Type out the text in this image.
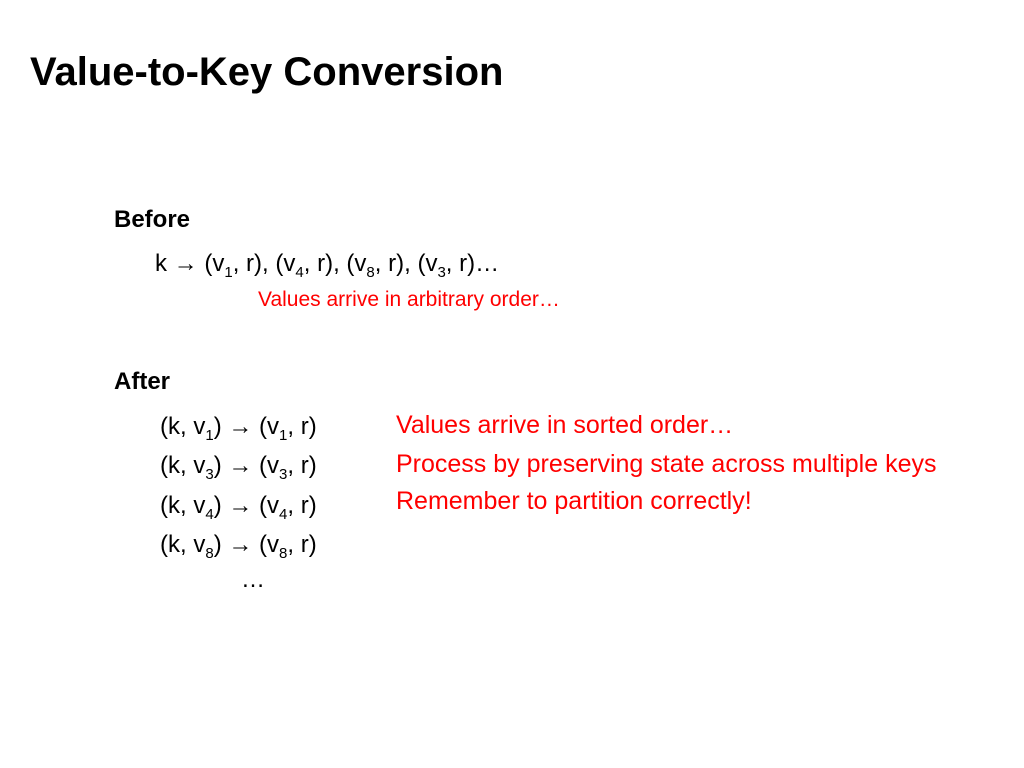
Value-to-Key Conversion
Before
$k \to (v_1$, r), ($v_4$, r), ($v_8$, r), ($v_3$, r)…
Values arrive in arbitrary order…
After
(k, $v_1) \to (v_1$, r)
(k, $v_3) \to (v_3$, r)
(k, $v_4) \to (v_4$, r)
(k, $v_8) \to (v_8$, r)
…
Values arrive in sorted order…
Process by preserving state across multiple keys
Remember to partition correctly!
